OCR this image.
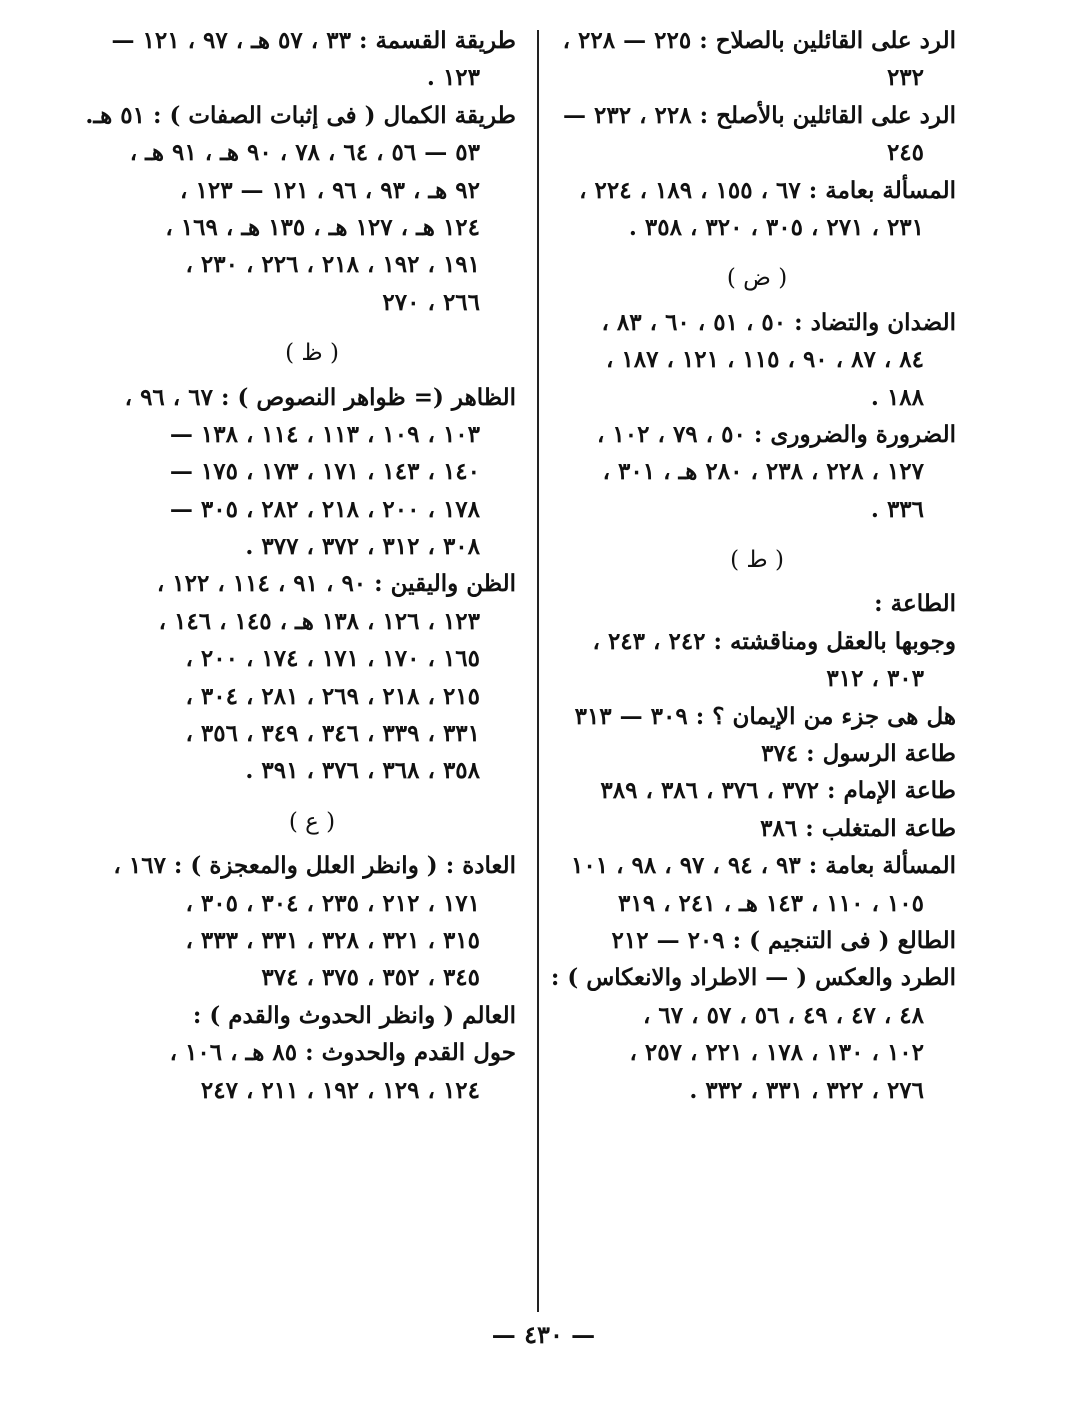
الرد على القائلين بالصلاح : ٢٢٥ — ٢٢٨ ،
٢٣٢
الرد على القائلين بالأصلح : ٢٢٨ ، ٢٣٢ —
٢٤٥
المسألة بعامة : ٦٧ ، ١٥٥ ، ١٨٩ ، ٢٢٤ ،
٢٣١ ، ٢٧١ ، ٣٠٥ ، ٣٢٠ ، ٣٥٨ .
( ض )
الضدان والتضاد : ٥٠ ، ٥١ ، ٦٠ ، ٨٣ ،
٨٤ ، ٨٧ ، ٩٠ ، ١١٥ ، ١٢١ ، ١٨٧ ،
١٨٨ .
الضرورة والضرورى : ٥٠ ، ٧٩ ، ١٠٢ ،
١٢٧ ، ٢٢٨ ، ٢٣٨ ، ٢٨٠ هـ ، ٣٠١ ،
٣٣٦ .
( ط )
الطاعة :
وجوبها بالعقل ومناقشته : ٢٤٢ ، ٢٤٣ ،
٣٠٣ ، ٣١٢
هل هى جزء من الإيمان ؟ : ٣٠٩ — ٣١٣
طاعة الرسول : ٣٧٤
طاعة الإمام : ٣٧٢ ، ٣٧٦ ، ٣٨٦ ، ٣٨٩
طاعة المتغلب : ٣٨٦
المسألة بعامة : ٩٣ ، ٩٤ ، ٩٧ ، ٩٨ ، ١٠١
١٠٥ ، ١١٠ ، ١٤٣ هـ ، ٢٤١ ، ٣١٩
الطالع ( فى التنجيم ) : ٢٠٩ — ٢١٢
الطرد والعكس ( — الاطراد والانعكاس ) :
٤٨ ، ٤٧ ، ٤٩ ، ٥٦ ، ٥٧ ، ٦٧ ،
١٠٢ ، ١٣٠ ، ١٧٨ ، ٢٢١ ، ٢٥٧ ،
٢٧٦ ، ٣٢٢ ، ٣٣١ ، ٣٣٢ .
طريقة القسمة : ٣٣ ، ٥٧ هـ ، ٩٧ ، ١٢١ —
١٢٣ .
طريقة الكمال ( فى إثبات الصفات ) : ٥١ هـ.
٥٣ — ٥٦ ، ٦٤ ، ٧٨ ، ٩٠ هـ ، ٩١ هـ ،
٩٢ هـ ، ٩٣ ، ٩٦ ، ١٢١ — ١٢٣ ،
١٢٤ هـ ، ١٢٧ هـ ، ١٣٥ هـ ، ١٦٩ ،
١٩١ ، ١٩٢ ، ٢١٨ ، ٢٢٦ ، ٢٣٠ ،
٢٦٦ ، ٢٧٠
( ظ )
الظاهر (= ظواهر النصوص ) : ٦٧ ، ٩٦ ،
١٠٣ ، ١٠٩ ، ١١٣ ، ١١٤ ، ١٣٨ —
١٤٠ ، ١٤٣ ، ١٧١ ، ١٧٣ ، ١٧٥ —
١٧٨ ، ٢٠٠ ، ٢١٨ ، ٢٨٢ ، ٣٠٥ —
٣٠٨ ، ٣١٢ ، ٣٧٢ ، ٣٧٧ .
الظن واليقين : ٩٠ ، ٩١ ، ١١٤ ، ١٢٢ ،
١٢٣ ، ١٢٦ ، ١٣٨ هـ ، ١٤٥ ، ١٤٦ ،
١٦٥ ، ١٧٠ ، ١٧١ ، ١٧٤ ، ٢٠٠ ،
٢١٥ ، ٢١٨ ، ٢٦٩ ، ٢٨١ ، ٣٠٤ ،
٣٣١ ، ٣٣٩ ، ٣٤٦ ، ٣٤٩ ، ٣٥٦ ،
٣٥٨ ، ٣٦٨ ، ٣٧٦ ، ٣٩١ .
( ع )
العادة : ( وانظر العلل والمعجزة ) : ١٦٧ ،
١٧١ ، ٢١٢ ، ٢٣٥ ، ٣٠٤ ، ٣٠٥ ،
٣١٥ ، ٣٢١ ، ٣٢٨ ، ٣٣١ ، ٣٣٣ ،
٣٤٥ ، ٣٥٢ ، ٣٧٥ ، ٣٧٤
العالم ( وانظر الحدوث والقدم ) :
حول القدم والحدوث : ٨٥ هـ ، ١٠٦ ،
١٢٤ ، ١٢٩ ، ١٩٢ ، ٢١١ ، ٢٤٧
— ٤٣٠ —
